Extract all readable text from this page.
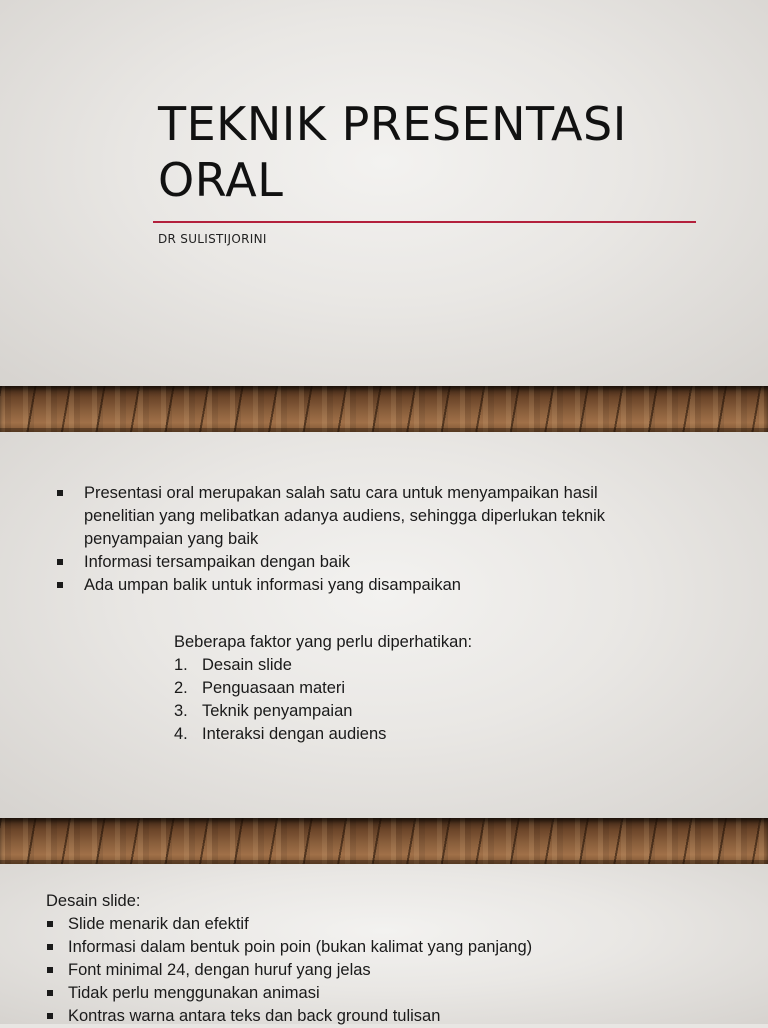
TEKNIK PRESENTASI
ORAL
DR SULISTIJORINI
Presentasi oral merupakan salah satu cara untuk menyampaikan hasil penelitian yang melibatkan adanya audiens, sehingga diperlukan teknik penyampaian yang baik
Informasi tersampaikan dengan baik
Ada umpan balik untuk informasi yang disampaikan
Beberapa faktor yang perlu diperhatikan:
1. Desain slide
2. Penguasaan materi
3. Teknik penyampaian
4. Interaksi dengan audiens
Desain slide:
Slide menarik dan efektif
Informasi dalam bentuk poin poin (bukan kalimat yang panjang)
Font minimal 24, dengan huruf yang jelas
Tidak perlu menggunakan animasi
Kontras warna antara teks dan back ground tulisan
